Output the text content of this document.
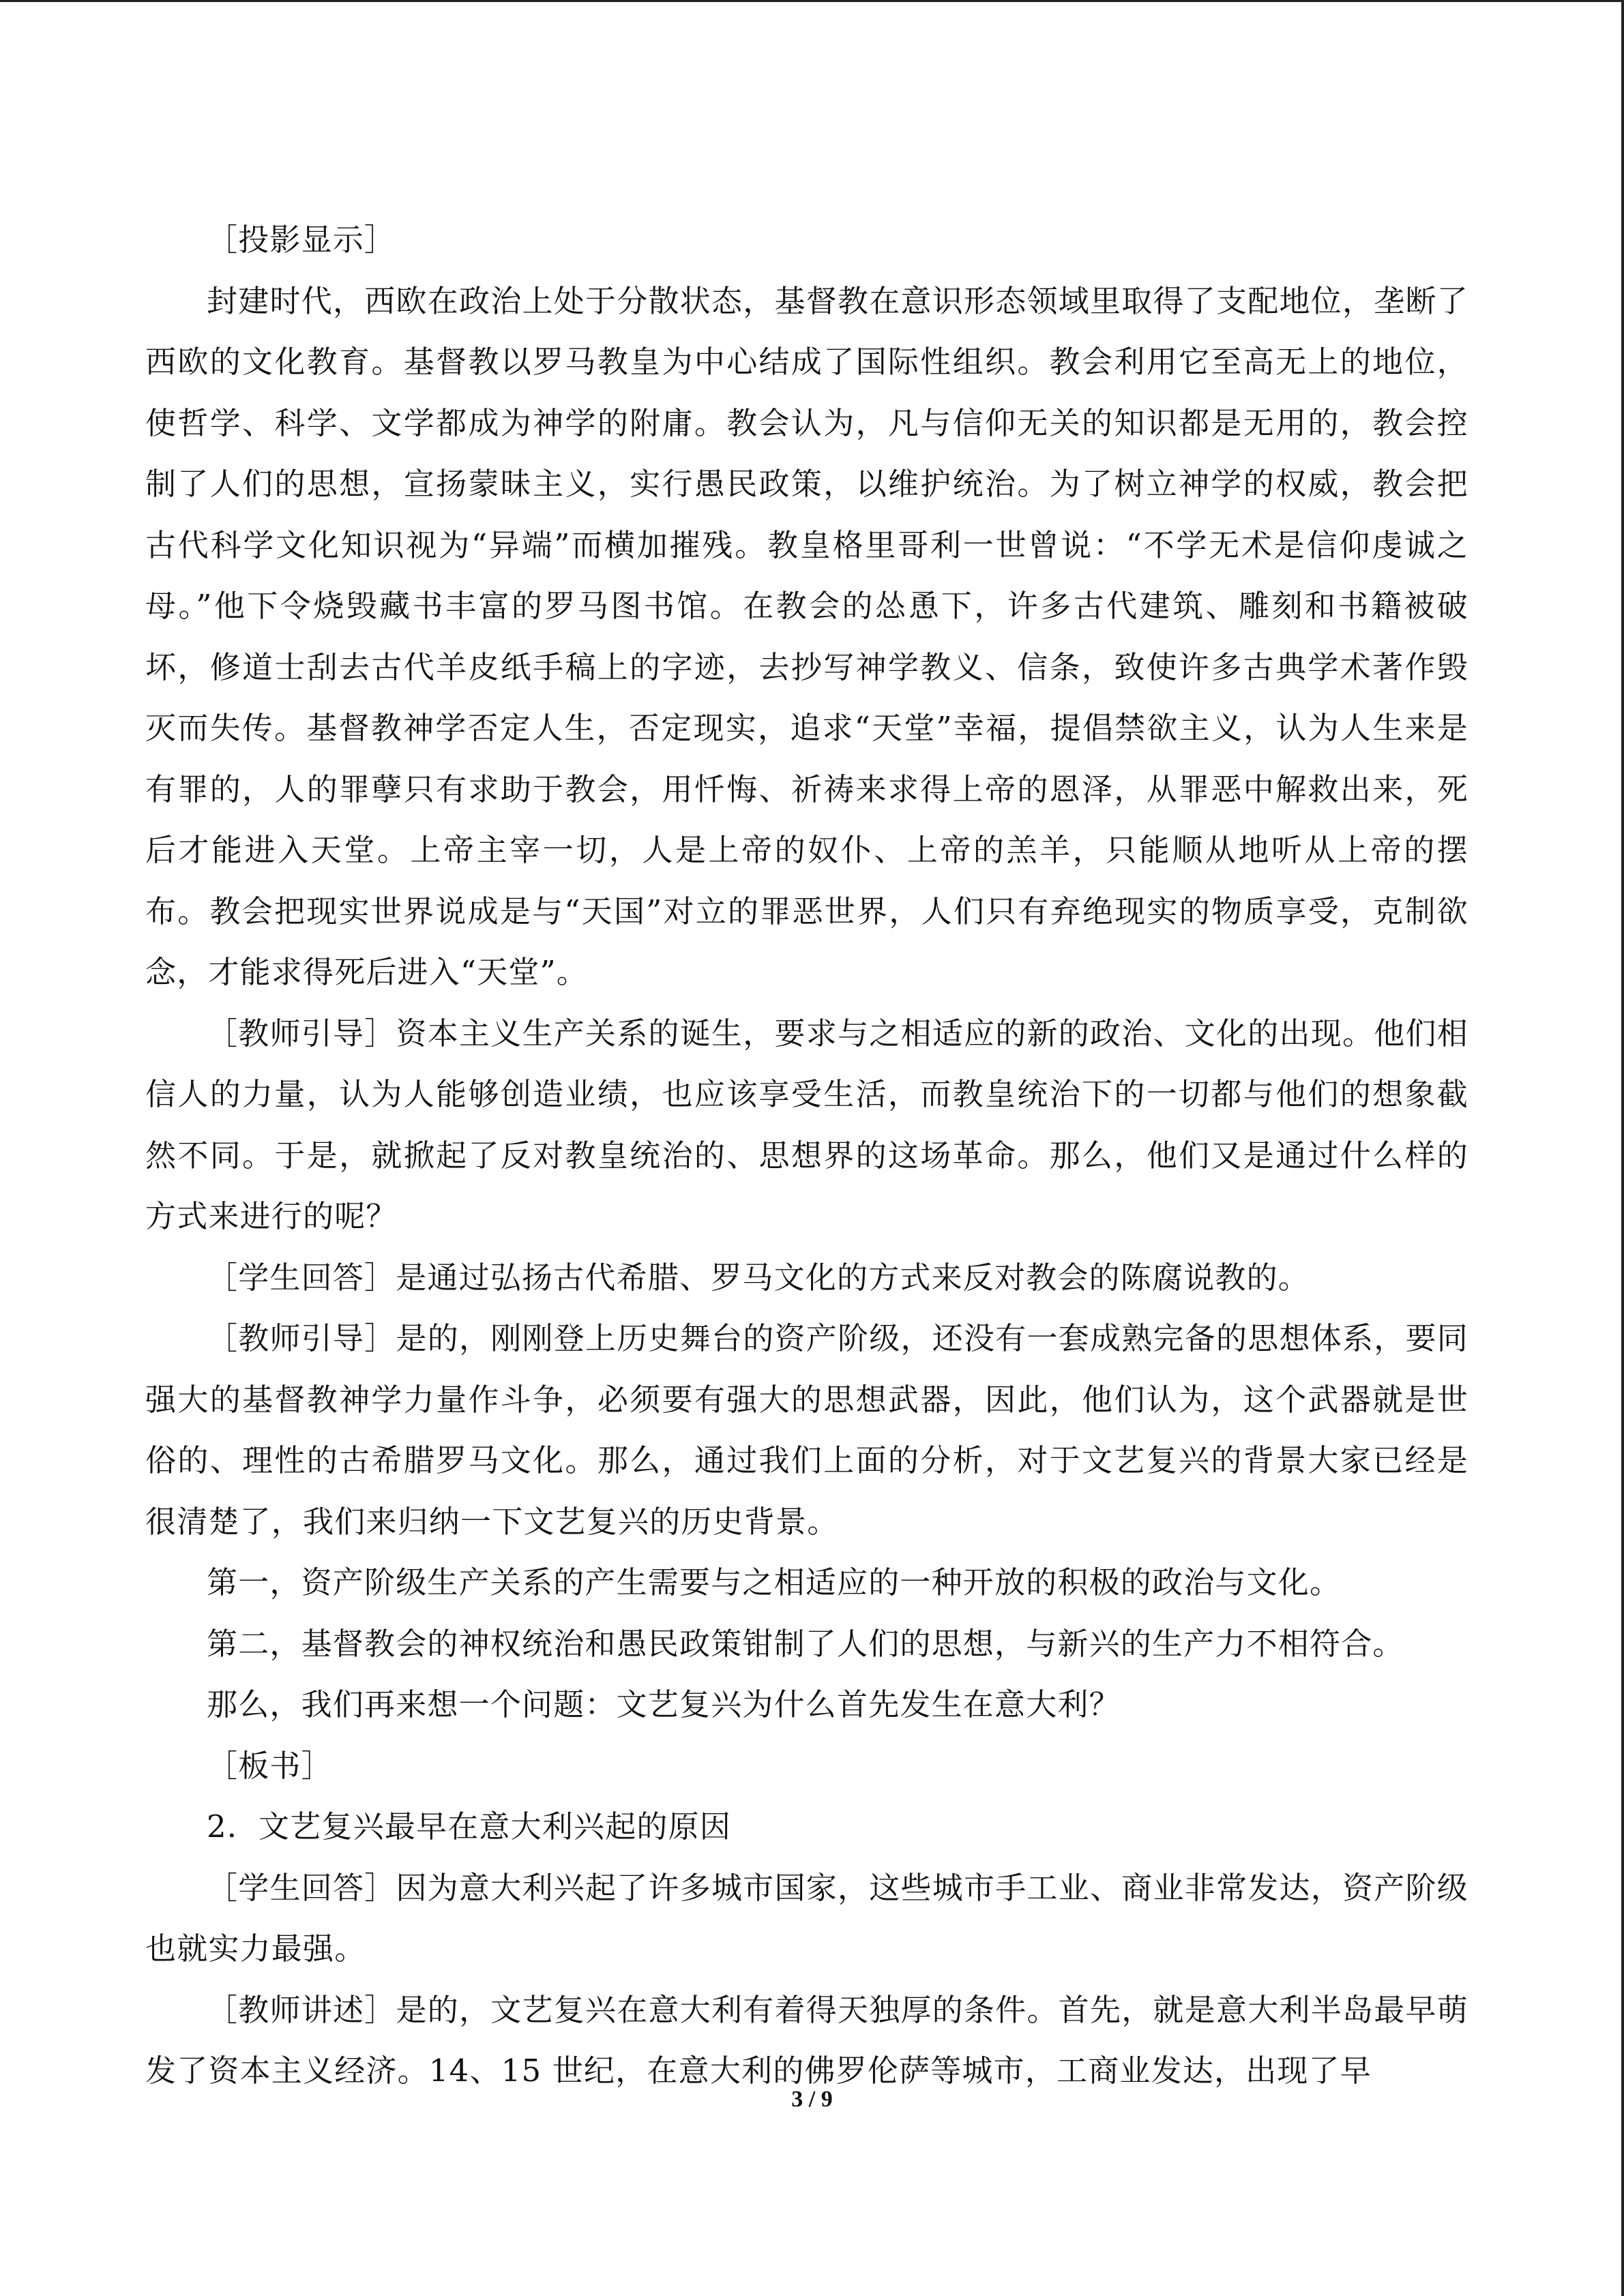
［投影显示］

封建时代，西欧在政治上处于分散状态，基督教在意识形态领域里取得了支配地位，垄断了西欧的文化教育。基督教以罗马教皇为中心结成了国际性组织。教会利用它至高无上的地位，使哲学、科学、文学都成为神学的附庸。教会认为，凡与信仰无关的知识都是无用的，教会控制了人们的思想，宣扬蒙昧主义，实行愚民政策，以维护统治。为了树立神学的权威，教会把古代科学文化知识视为“异端”而横加摧残。教皇格里哥利一世曾说：“不学无术是信仰虔诚之母。”他下令烧毁藏书丰富的罗马图书馆。在教会的怂恿下，许多古代建筑、雕刻和书籍被破坏，修道士刮去古代羊皮纸手稿上的字迹，去抄写神学教义、信条，致使许多古典学术著作毁灭而失传。基督教神学否定人生，否定现实，追求“天堂”幸福，提倡禁欲主义，认为人生来是有罪的，人的罪孽只有求助于教会，用忏悔、祈祷来求得上帝的恩泽，从罪恶中解救出来，死后才能进入天堂。上帝主宰一切，人是上帝的奴仆、上帝的羔羊，只能顺从地听从上帝的摆布。教会把现实世界说成是与“天国”对立的罪恶世界，人们只有弃绝现实的物质享受，克制欲念，才能求得死后进入“天堂”。

［教师引导］资本主义生产关系的诞生，要求与之相适应的新的政治、文化的出现。他们相信人的力量，认为人能够创造业绩，也应该享受生活，而教皇统治下的一切都与他们的想象截然不同。于是，就掀起了反对教皇统治的、思想界的这场革命。那么，他们又是通过什么样的方式来进行的呢？

［学生回答］是通过弘扬古代希腊、罗马文化的方式来反对教会的陈腐说教的。

［教师引导］是的，刚刚登上历史舞台的资产阶级，还没有一套成熟完备的思想体系，要同强大的基督教神学力量作斗争，必须要有强大的思想武器，因此，他们认为，这个武器就是世俗的、理性的古希腊罗马文化。那么，通过我们上面的分析，对于文艺复兴的背景大家已经是很清楚了，我们来归纳一下文艺复兴的历史背景。

第一，资产阶级生产关系的产生需要与之相适应的一种开放的积极的政治与文化。

第二，基督教会的神权统治和愚民政策钳制了人们的思想，与新兴的生产力不相符合。

那么，我们再来想一个问题：文艺复兴为什么首先发生在意大利？

［板书］

2．文艺复兴最早在意大利兴起的原因

［学生回答］因为意大利兴起了许多城市国家，这些城市手工业、商业非常发达，资产阶级也就实力最强。

［教师讲述］是的，文艺复兴在意大利有着得天独厚的条件。首先，就是意大利半岛最早萌发了资本主义经济。14、15 世纪，在意大利的佛罗伦萨等城市，工商业发达，出现了早

3 / 9
